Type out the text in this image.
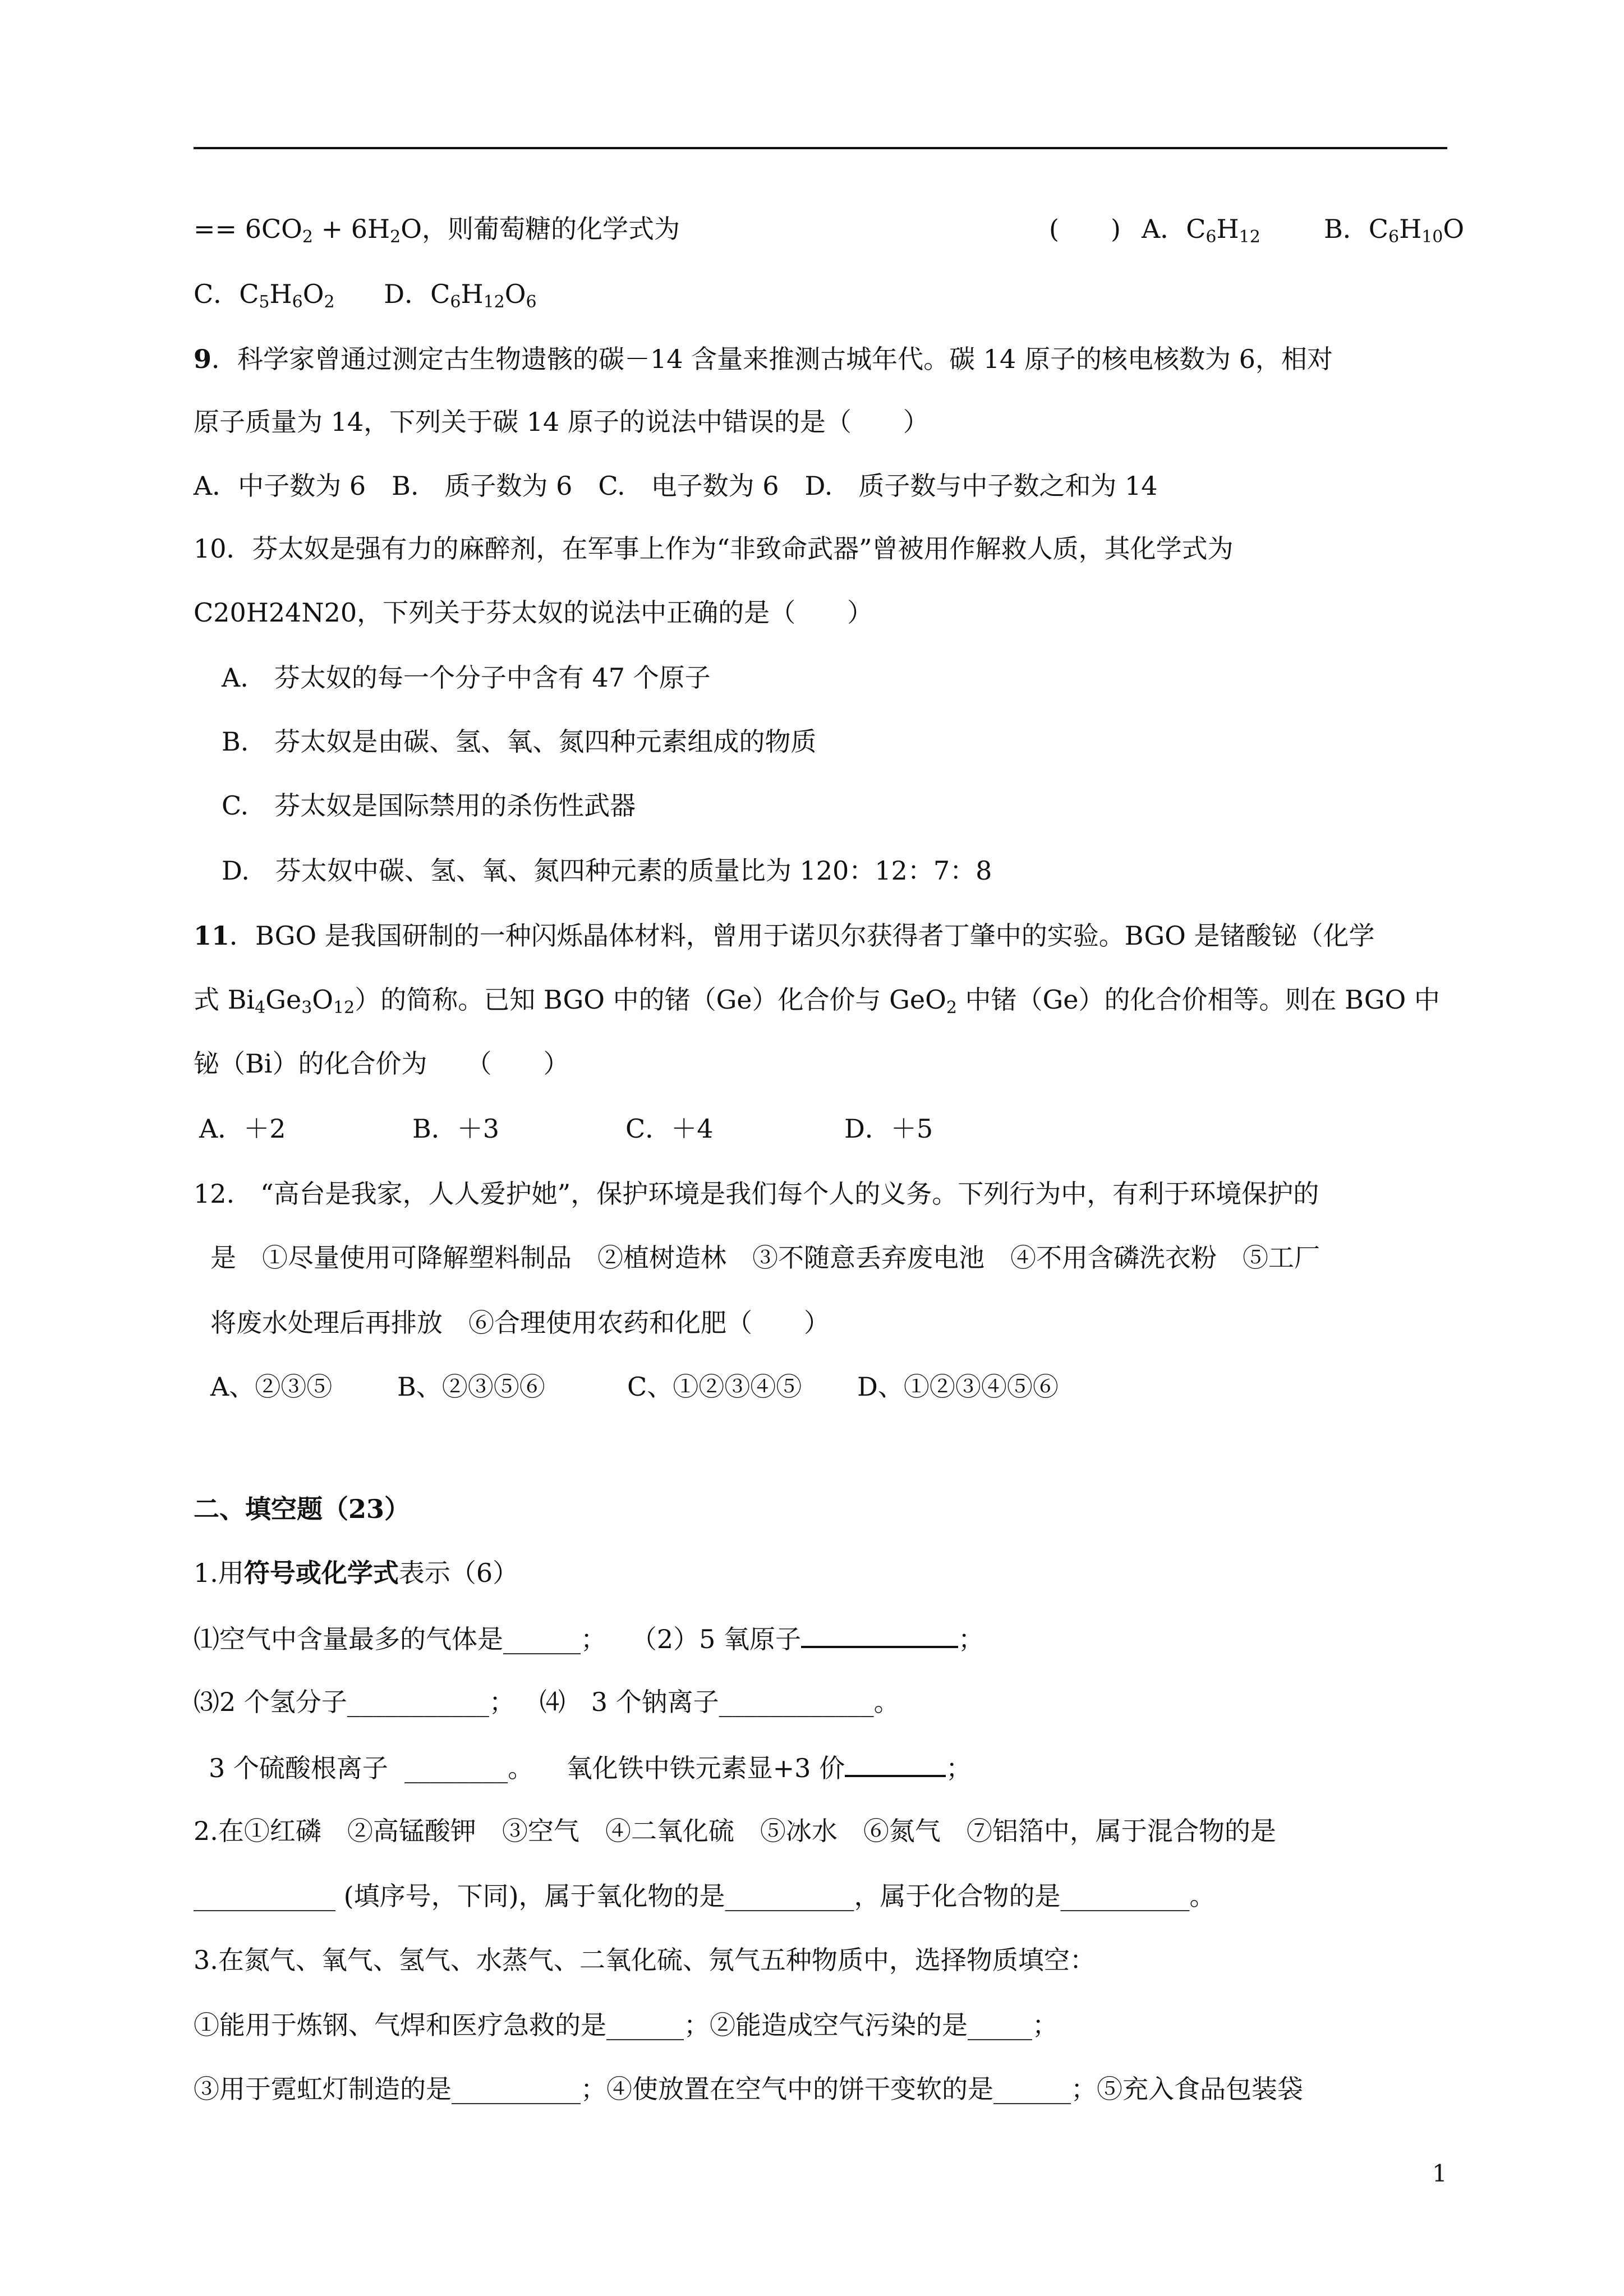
== $6CO_2 + 6H_2O$，则葡萄糖的化学式为	(　　) A．$C_6H_{12}$ B．$C_6H_{10}O$
C．$C_5H_6O_2$ D．$C_6H_{12}O_6$
9．科学家曾通过测定古生物遗骸的碳－14 含量来推测古城年代。碳 14 原子的核电核数为 6，相对
原子质量为 14，下列关于碳 14 原子的说法中错误的是（　　）
A．中子数为 6　B.　质子数为 6　C.　电子数为 6　D.　质子数与中子数之和为 14
10．芬太奴是强有力的麻醉剂，在军事上作为“非致命武器”曾被用作解救人质，其化学式为
C20H24N20，下列关于芬太奴的说法中正确的是（　　）
A.　芬太奴的每一个分子中含有 47 个原子
B.　芬太奴是由碳、氢、氧、氮四种元素组成的物质
C.　芬太奴是国际禁用的杀伤性武器
D.　芬太奴中碳、氢、氧、氮四种元素的质量比为 120：12：7：8
11．BGO 是我国研制的一种闪烁晶体材料，曾用于诺贝尔获得者丁肇中的实验。BGO 是锗酸铋（化学
式 $Bi_4Ge_3O_{12}$）的简称。已知 BGO 中的锗（Ge）化合价与 GeO$_2$ 中锗（Ge）的化合价相等。则在 BGO 中
铋（Bi）的化合价为　　（　　）
A．＋2	B．＋3	C．＋4	D．＋5
12.　“高台是我家，人人爱护她”，保护环境是我们每个人的义务。下列行为中，有利于环境保护的
是　①尽量使用可降解塑料制品　②植树造林　③不随意丢弃废电池　④不用含磷洗衣粉　⑤工厂
将废水处理后再排放　⑥合理使用农药和化肥（　　）
A、②③⑤	B、②③⑤⑥	C、①②③④⑤ D、①②③④⑤⑥
二、填空题（23）
1.用符号或化学式表示（6）
⑴空气中含量最多的气体是______； （2）5 氧原子	；
⑶2 个氢分子___________； ⑷　3 个钠离子____________。
3 个硫酸根离子  ________。 氧化铁中铁元素显+3 价	；
2.在①红磷　②高锰酸钾　③空气　④二氧化硫　⑤冰水　⑥氮气　⑦铝箔中，属于混合物的是
___________ (填序号，下同)，属于氧化物的是__________，属于化合物的是__________。
3.在氮气、氧气、氢气、水蒸气、二氧化硫、氖气五种物质中，选择物质填空：
①能用于炼钢、气焊和医疗急救的是______；②能造成空气污染的是_____；
③用于霓虹灯制造的是__________；④使放置在空气中的饼干变软的是______；⑤充入食品包装袋
1
